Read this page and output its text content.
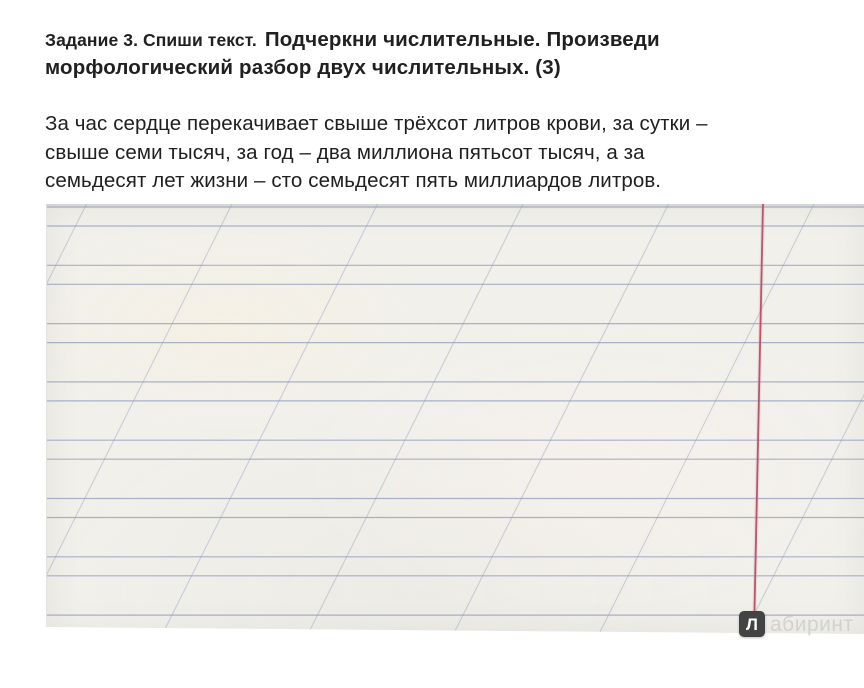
Задание 3. Спиши текст. Подчеркни числительные. Произведи
морфологический разбор двух числительных. (3)
За час сердце перекачивает свыше трёхсот литров крови, за сутки –
свыше семи тысяч, за год – два миллиона пятьсот тысяч, а за
семьдесят лет жизни – сто семьдесят пять миллиардов литров.
Л абиринт
